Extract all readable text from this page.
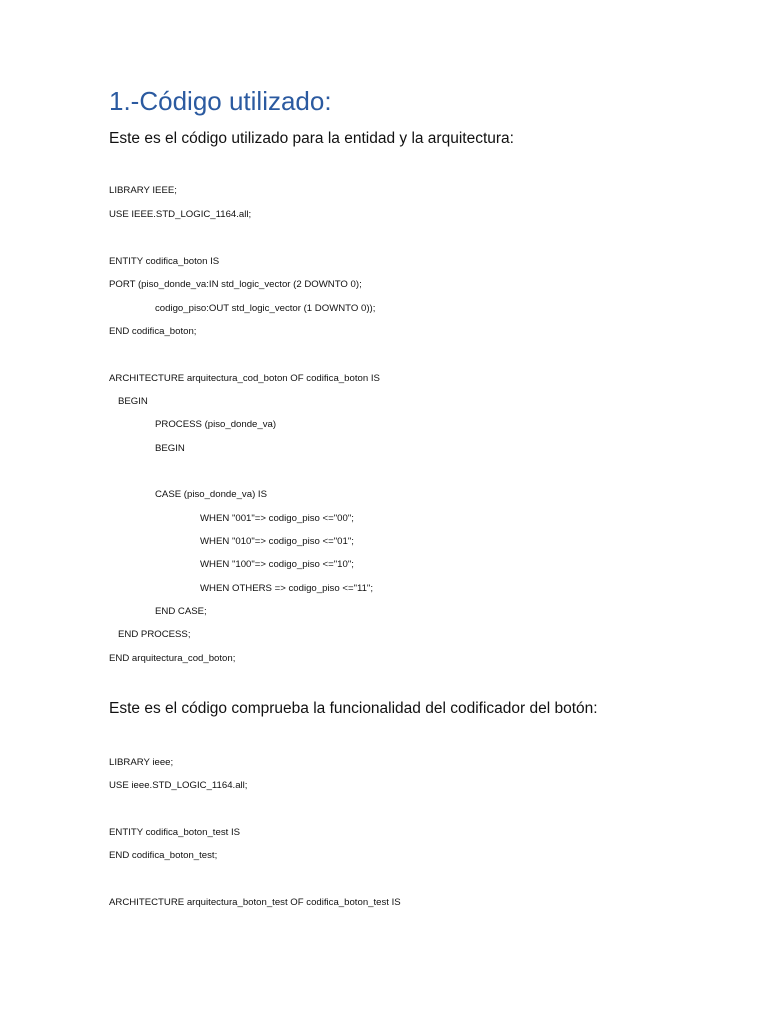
1.-Código utilizado:

Este es el código utilizado para la entidad y la arquitectura:

LIBRARY IEEE;

USE IEEE.STD_LOGIC_1164.all;

ENTITY codifica_boton IS

PORT (piso_donde_va:IN std_logic_vector (2 DOWNTO 0);

codigo_piso:OUT std_logic_vector (1 DOWNTO 0));

END codifica_boton;

ARCHITECTURE arquitectura_cod_boton OF codifica_boton IS

BEGIN

PROCESS (piso_donde_va)

BEGIN

CASE (piso_donde_va) IS

WHEN "001"=> codigo_piso <="00";

WHEN "010"=> codigo_piso <="01";

WHEN "100"=> codigo_piso <="10";

WHEN OTHERS => codigo_piso <="11";

END CASE;

END PROCESS;

END arquitectura_cod_boton;

Este es el código comprueba la funcionalidad del codificador del botón:

LIBRARY ieee;

USE ieee.STD_LOGIC_1164.all;

ENTITY codifica_boton_test IS

END codifica_boton_test;

ARCHITECTURE arquitectura_boton_test OF codifica_boton_test IS
